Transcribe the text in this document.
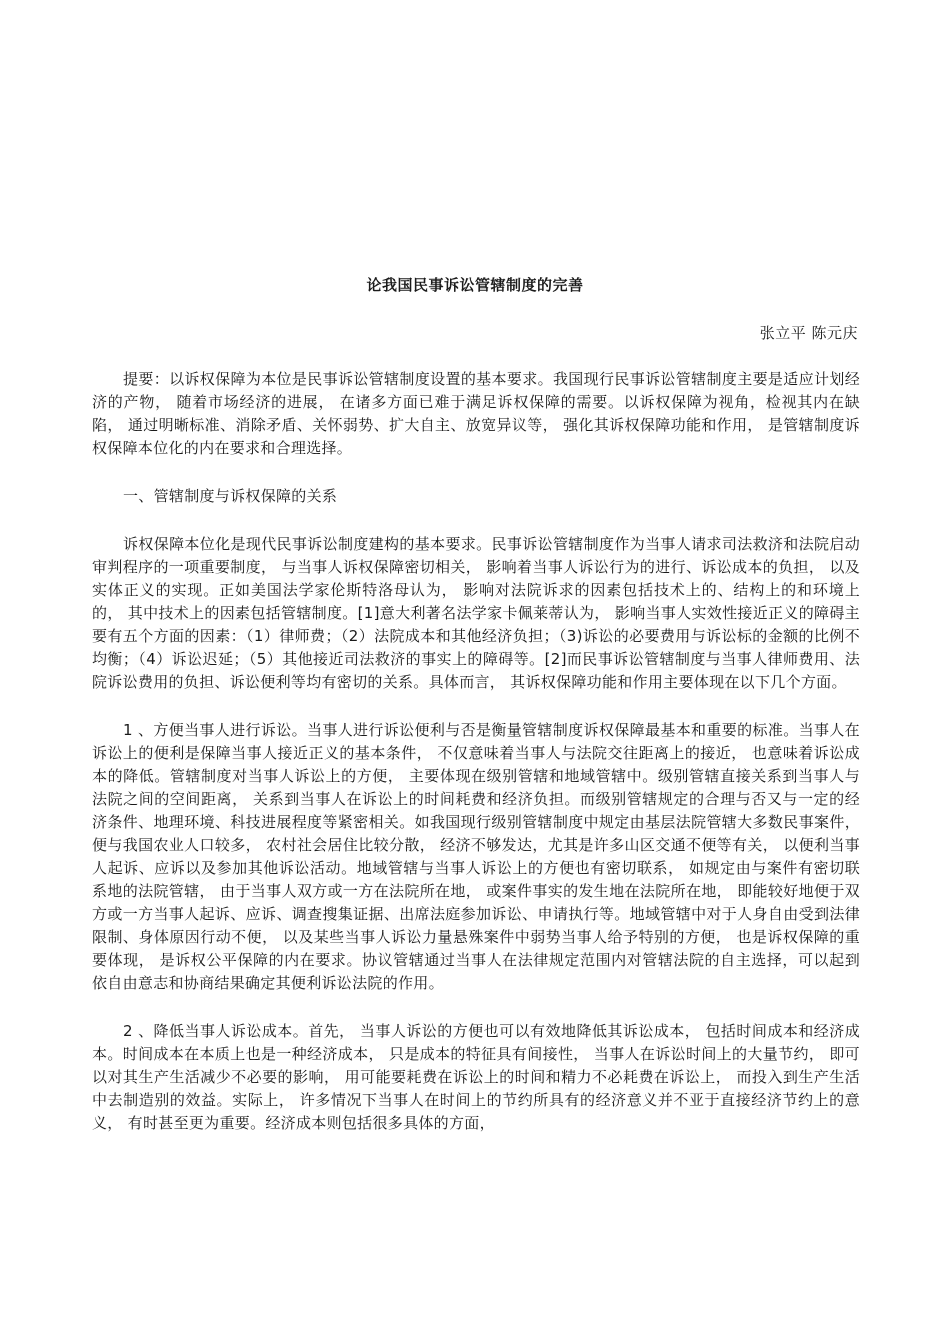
论我国民事诉讼管辖制度的完善
张立平 陈元庆

提要：以诉权保障为本位是民事诉讼管辖制度设置的基本要求。我国现行民事诉讼管辖制度主要是适应计划经济的产物， 随着市场经济的进展， 在诸多方面已难于满足诉权保障的需要。以诉权保障为视角，检视其内在缺陷， 通过明晰标准、消除矛盾、关怀弱势、扩大自主、放宽异议等， 强化其诉权保障功能和作用， 是管辖制度诉权保障本位化的内在要求和合理选择。

一、管辖制度与诉权保障的关系

诉权保障本位化是现代民事诉讼制度建构的基本要求。民事诉讼管辖制度作为当事人请求司法救济和法院启动审判程序的一项重要制度， 与当事人诉权保障密切相关， 影响着当事人诉讼行为的进行、诉讼成本的负担， 以及实体正义的实现。正如美国法学家伦斯特洛母认为， 影响对法院诉求的因素包括技术上的、结构上的和环境上的， 其中技术上的因素包括管辖制度。[1]意大利著名法学家卡佩莱蒂认为， 影响当事人实效性接近正义的障碍主要有五个方面的因素：（1）律师费；（2）法院成本和其他经济负担；（3)诉讼的必要费用与诉讼标的金额的比例不均衡；（4）诉讼迟延；（5）其他接近司法救济的事实上的障碍等。[2]而民事诉讼管辖制度与当事人律师费用、法院诉讼费用的负担、诉讼便利等均有密切的关系。具体而言， 其诉权保障功能和作用主要体现在以下几个方面。

1 、方便当事人进行诉讼。当事人进行诉讼便利与否是衡量管辖制度诉权保障最基本和重要的标准。当事人在诉讼上的便利是保障当事人接近正义的基本条件， 不仅意味着当事人与法院交往距离上的接近， 也意味着诉讼成本的降低。管辖制度对当事人诉讼上的方便， 主要体现在级别管辖和地域管辖中。级别管辖直接关系到当事人与法院之间的空间距离， 关系到当事人在诉讼上的时间耗费和经济负担。而级别管辖规定的合理与否又与一定的经济条件、地理环境、科技进展程度等紧密相关。如我国现行级别管辖制度中规定由基层法院管辖大多数民事案件， 便与我国农业人口较多， 农村社会居住比较分散， 经济不够发达，尤其是许多山区交通不便等有关， 以便利当事人起诉、应诉以及参加其他诉讼活动。地域管辖与当事人诉讼上的方便也有密切联系， 如规定由与案件有密切联系地的法院管辖， 由于当事人双方或一方在法院所在地， 或案件事实的发生地在法院所在地， 即能较好地便于双方或一方当事人起诉、应诉、调查搜集证据、出席法庭参加诉讼、申请执行等。地域管辖中对于人身自由受到法律限制、身体原因行动不便， 以及某些当事人诉讼力量悬殊案件中弱势当事人给予特别的方便， 也是诉权保障的重要体现， 是诉权公平保障的内在要求。协议管辖通过当事人在法律规定范围内对管辖法院的自主选择，可以起到依自由意志和协商结果确定其便利诉讼法院的作用。

2 、降低当事人诉讼成本。首先， 当事人诉讼的方便也可以有效地降低其诉讼成本， 包括时间成本和经济成本。时间成本在本质上也是一种经济成本， 只是成本的特征具有间接性， 当事人在诉讼时间上的大量节约， 即可以对其生产生活减少不必要的影响， 用可能要耗费在诉讼上的时间和精力不必耗费在诉讼上， 而投入到生产生活中去制造别的效益。实际上， 许多情况下当事人在时间上的节约所具有的经济意义并不亚于直接经济节约上的意义， 有时甚至更为重要。经济成本则包括很多具体的方面，
